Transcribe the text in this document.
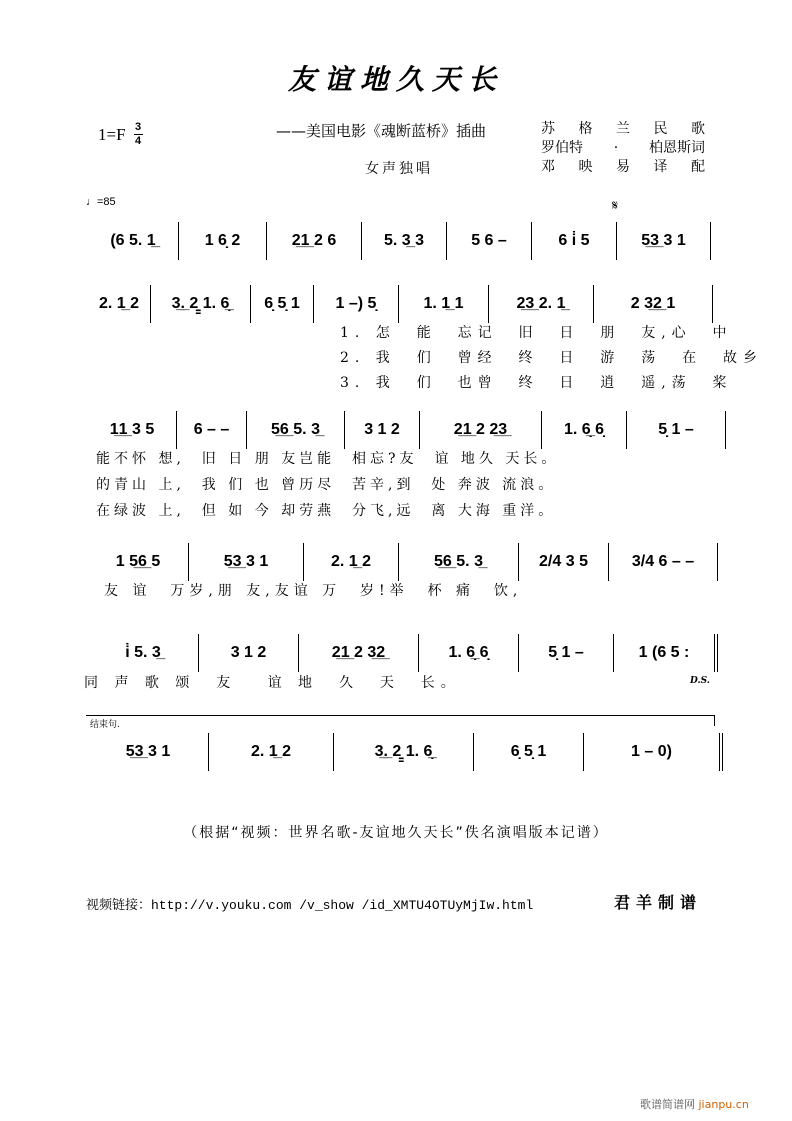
友谊地久天长
$1=F \frac{3}{4}$	——美国电影《魂断蓝桥》插曲
女声独唱
苏 格 兰 民 歌
罗伯特 · 柏恩斯词
邓 映 易 译 配
♩=85	𝄋
(6 5. 1̲	1 6̣ 2	2̲1̲ 2 6	5. 3̲ 3	5 6 –	6 i̇ 5	5̲3̲ 3 1
2. 1̲ 2	3̲.̲ 2̳ 1. 6̣̲	6̣ 5̣ 1	1 –) 5̣	1. 1̲ 1	2̲3̲ 2. 1̲	2 3̲2̲ 1
1. 怎  能  忘记  旧  日  朋  友,心  中
2. 我  们  曾经  终  日  游  荡  在  故乡
3. 我  们  也曾  终  日  逍  遥,荡  桨
1̲1̲ 3 5	6 – –	5̲6̲ 5. 3̲	3 1 2	2̲1̲ 2 2̲3̲	1. 6̣̲ 6̣	5̣ 1 –
能不怀 想,  旧 日 朋 友岂能  相忘?友  谊 地久 天长。
的青山 上,  我 们 也 曾历尽  苦辛,到  处 奔波 流浪。
在绿波 上,  但 如 今 却劳燕  分飞,远  离 大海 重洋。
1 5̲6̲ 5	5̲3̲ 3 1	2. 1̲ 2	5̲6̲ 5. 3̲	2/4 3 5	3/4 6 – –
友 谊  万岁,朋 友,友谊 万  岁!举  杯 痛  饮,
i̇ 5. 3̲	3 1 2	2̲1̲ 2 3̲2̲	1. 6̣̲ 6̣	5̣ 1 –	1 (6 5 :
同 声 歌 颂  友   谊 地  久  天  长。	D.S.
结束句.
5̲3̲ 3 1	2. 1̲ 2	3̲.̲ 2̳ 1. 6̣̲	6̣ 5̣ 1	1 – 0)
（根据“视频：世界名歌-友谊地久天长”佚名演唱版本记谱）
视频链接：http://v.youku.com /v_show /id_XMTU4OTUyMjIw.html	君羊制谱
歌谱简谱网 jianpu.cn
